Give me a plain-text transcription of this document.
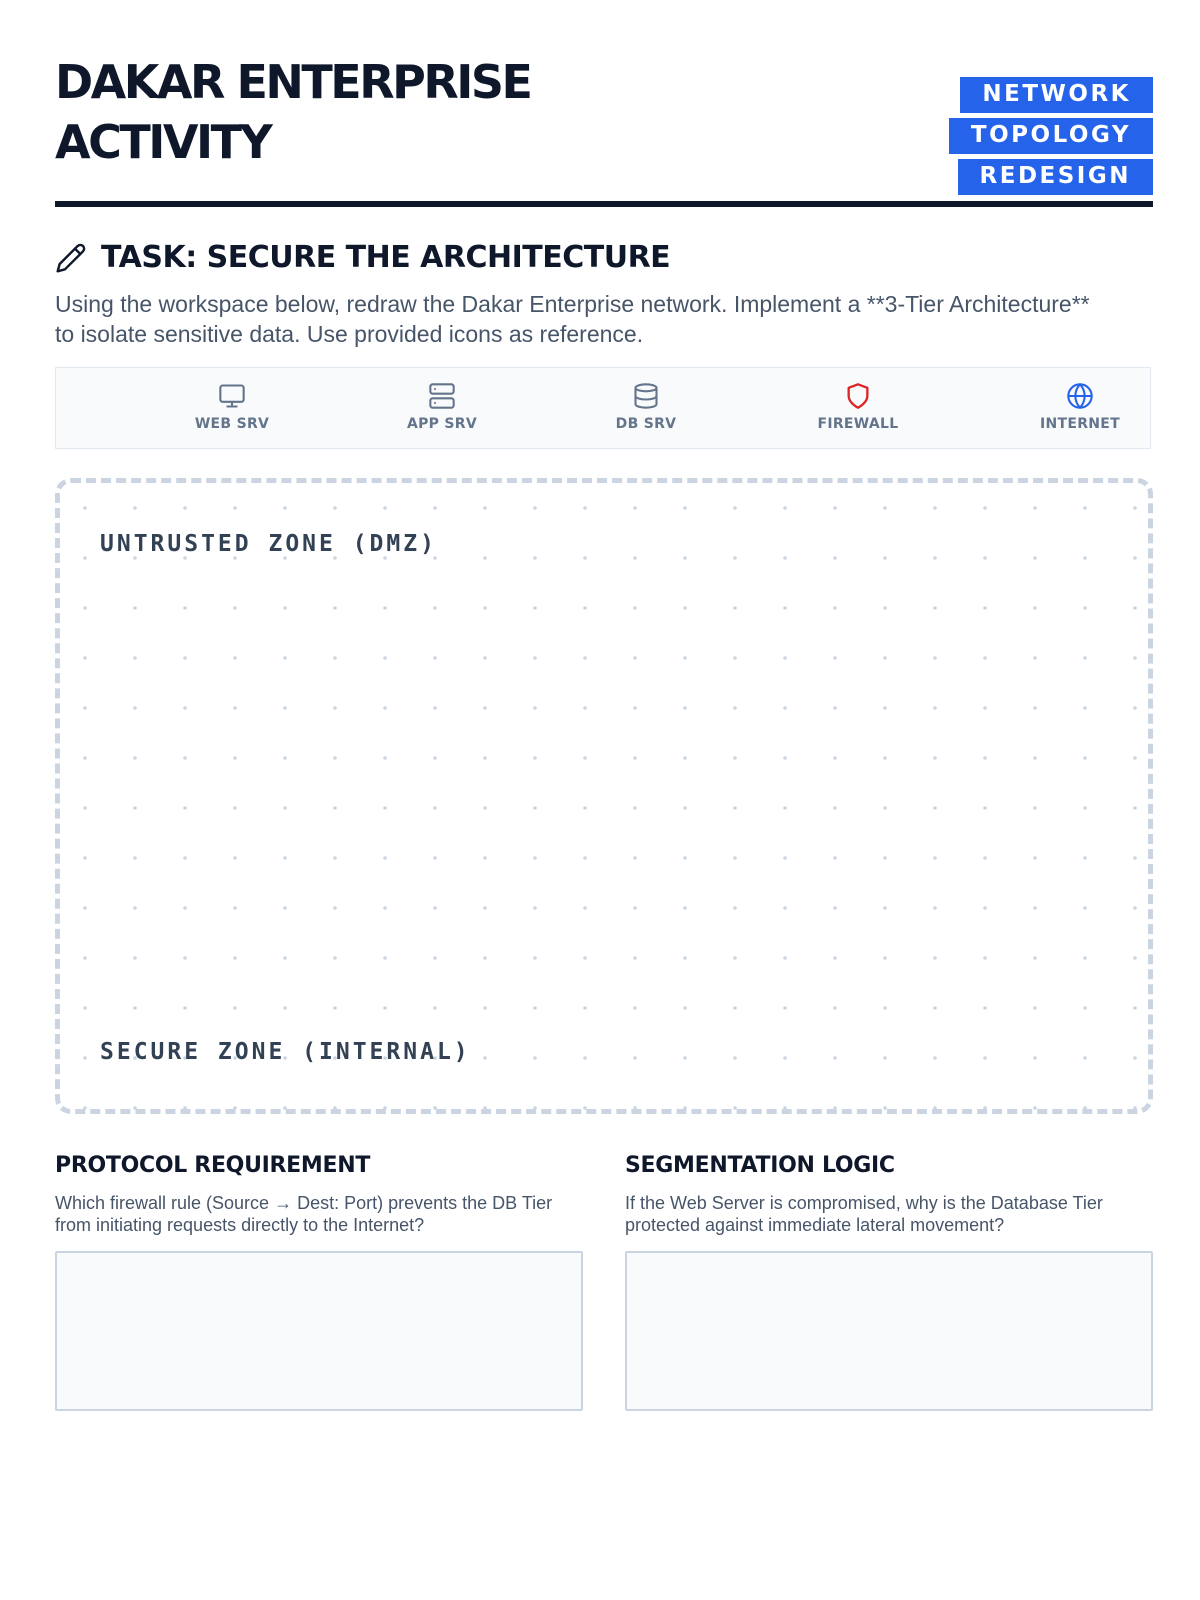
DAKAR ENTERPRISE
ACTIVITY
NETWORK TOPOLOGY REDESIGN
TASK: SECURE THE ARCHITECTURE

Using the workspace below, redraw the Dakar Enterprise network. Implement a **3-Tier Architecture** to isolate sensitive data. Use provided icons as reference.

WEB SRV	APP SRV	DB SRV	FIREWALL	INTERNET
UNTRUSTED ZONE (DMZ)
SECURE ZONE (INTERNAL)
PROTOCOL REQUIREMENT

Which firewall rule (Source → Dest: Port) prevents the DB Tier from initiating requests directly to the Internet?

SEGMENTATION LOGIC

If the Web Server is compromised, why is the Database Tier protected against immediate lateral movement?
